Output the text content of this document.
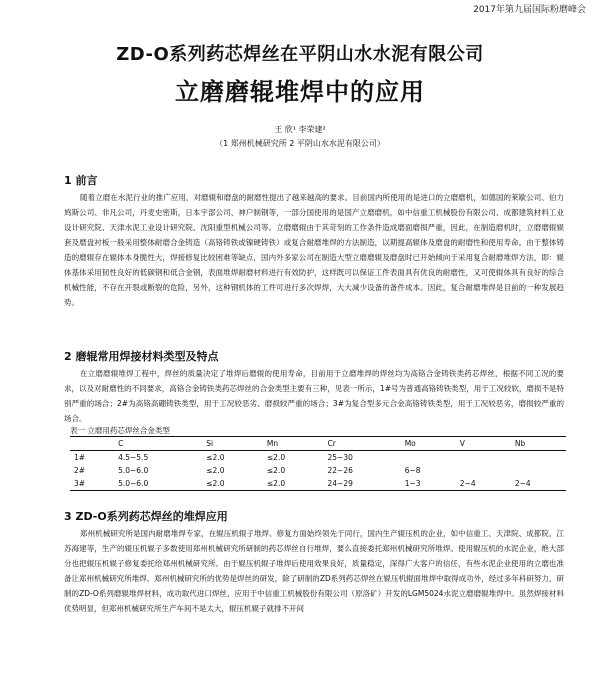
2017年第九届国际粉磨峰会
ZD-O系列药芯焊丝在平阴山水水泥有限公司
立磨磨辊堆焊中的应用
王 欣¹ 李荣建²
（1 郑州机械研究所 2 平阴山水水泥有限公司）
1 前言

随着立磨在水泥行业的推广应用，对磨辊和磨盘的耐磨性提出了越来越高的要求。目前国内所使用的是进口的立磨磨机，如德国的莱歇公司、伯力鸠斯公司、非凡公司，丹麦史密斯，日本宇部公司、神户制钢等，一部分国使用的是国产立磨磨机，如中信重工机械股份有限公司、成都建筑材料工业设计研究院、天津水泥工业设计研究院、沈阳重型机械公司等。立磨磨辊由于其苛刻的工作条件造成磨面磨损严重，因此，在制造磨机时，立磨磨辊辊套及磨盘衬板一般采用整体耐磨合金铸造（高铬铸铁或镍硬铸铁）或复合耐磨堆焊的方法制造，以期提高辊体及磨盘的耐磨性和使用寿命。由于整体铸造的磨辊存在辊体本身脆性大，焊接修复比较困难等缺点，国内外多家公司在制造大型立磨磨辊及磨盘时已开始倾向于采用复合耐磨堆焊方法，即：辊体基体采用韧性良好的低碳钢和低合金钢，表面堆焊耐磨材料进行有效防护，这样既可以保证工件表面具有优良的耐磨性，又可使辊体具有良好的综合机械性能，不存在开裂或断裂的危险，另外，这种钢机体的工件可进行多次焊焊，大大减少设备的备件成本。因此，复合耐磨堆焊是目前的一种发展趋势。

2 磨辊常用焊接材料类型及特点

在立磨磨辊堆焊工程中，焊丝的质量决定了堆焊后磨辊的使用寿命，目前用于立磨堆焊的焊丝均为高铬合金铸铁类药芯焊丝，根据不同工况的要求，以及对耐磨性的不同要求，高铬合金铸铁类药芯焊丝的合金类型主要有三种，见表一所示，1#号为普通高铬铸铁类型，用于工况较软，磨损不是特别严重的场合；2#为高铬高硼铸铁类型，用于工况较恶劣、磨损较严重的场合；3#为复合型多元合金高铬铸铁类型，用于工况较恶劣，磨损较严重的场合。

表一 立磨用药芯焊丝合金类型
	C	Si	Mn	Cr	Mo	V	Nb
1#	4.5~5.5	≤2.0	≤2.0	25~30			
2#	5.0~6.0	≤2.0	≤2.0	22~26	6~8		
3#	5.0~6.0	≤2.0	≤2.0	24~29	1~3	2~4	2~4
3 ZD-O系列药芯焊丝的堆焊应用

郑州机械研究所是国内耐磨堆焊专家，在辊压机辊子堆焊、修复方面始终领先于同行，国内生产辊压机的企业，如中信重工、天津院、成都院、江苏海建等，生产的辊压机辊子多数使用郑州机械研究所研制的药芯焊丝自行堆焊，要么直接委托郑州机械研究所堆焊。使用辊压机的水泥企业，绝大部分也把辊压机辊子修复委托给郑州机械研究所。由于辊压机辊子堆焊后使用效果良好，质量稳定，深得广大客户的信任，有些水泥企业使用的立磨也准备让郑州机械研究所堆焊。郑州机械研究所的优势是焊丝的研发，除了研制的ZD系列药芯焊丝在辊压机辊面堆焊中取得成功外，经过多年科研努力，研制的ZD-O系列磨辊堆焊材料，成功取代进口焊丝，应用于中信重工机械股份有限公司（原洛矿）开发的LGM5024水泥立磨磨辊堆焊中。虽然焊接材料优势明显，但郑州机械研究所生产车间不是太大，辊压机辊子就排不开间
